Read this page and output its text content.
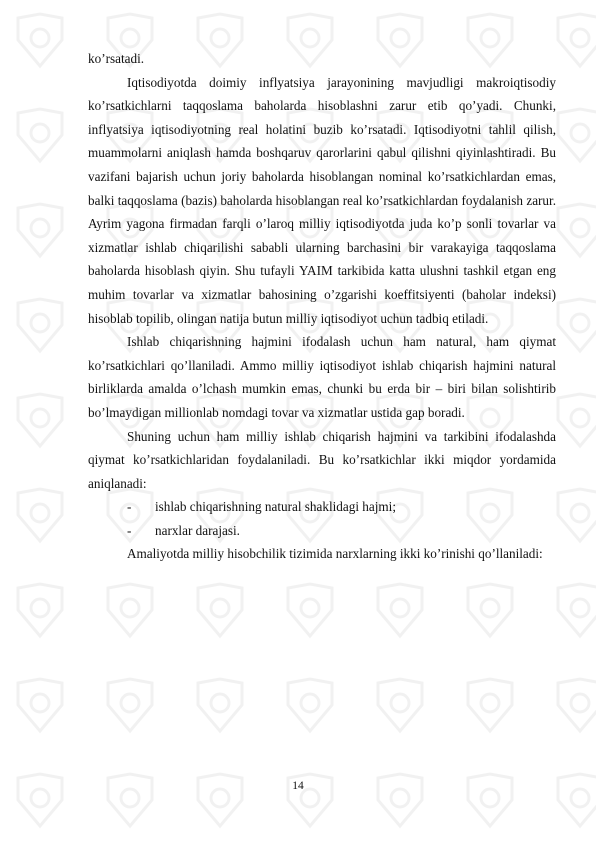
ko’rsatadi.

Iqtisodiyotda doimiy inflyatsiya jarayonining mavjudligi makroiqtisodiy ko’rsatkichlarni taqqoslama baholarda hisoblashni zarur etib qo’yadi. Chunki, inflyatsiya iqtisodiyotning real holatini buzib ko’rsatadi. Iqtisodiyotni tahlil qilish, muammolarni aniqlash hamda boshqaruv qarorlarini qabul qilishni qiyinlashtiradi. Bu vazifani bajarish uchun joriy baholarda hisoblangan nominal ko’rsatkichlardan emas, balki taqqoslama (bazis) baholarda hisoblangan real ko’rsatkichlardan foydalanish zarur. Ayrim yagona firmadan farqli o’laroq milliy iqtisodiyotda juda ko’p sonli tovarlar va xizmatlar ishlab chiqarilishi sababli ularning barchasini bir varakayiga taqqoslama baholarda hisoblash qiyin. Shu tufayli YAIM tarkibida katta ulushni tashkil etgan eng muhim tovarlar va xizmatlar bahosining o’zgarishi koeffitsiyenti (baholar indeksi) hisoblab topilib, olingan natija butun milliy iqtisodiyot uchun tadbiq etiladi.

Ishlab chiqarishning hajmini ifodalash uchun ham natural, ham qiymat ko’rsatkichlari qo’llaniladi. Ammo milliy iqtisodiyot ishlab chiqarish hajmini natural birliklarda amalda o’lchash mumkin emas, chunki bu erda bir – biri bilan solishtirib bo’lmaydigan millionlab nomdagi tovar va xizmatlar ustida gap boradi.

Shuning uchun ham milliy ishlab chiqarish hajmini va tarkibini ifodalashda qiymat ko’rsatkichlaridan foydalaniladi. Bu ko’rsatkichlar ikki miqdor yordamida aniqlanadi:

-	ishlab chiqarishning natural shaklidagi hajmi;
-	narxlar darajasi.

Amaliyotda milliy hisobchilik tizimida narxlarning ikki ko’rinishi qo’llaniladi:

14
